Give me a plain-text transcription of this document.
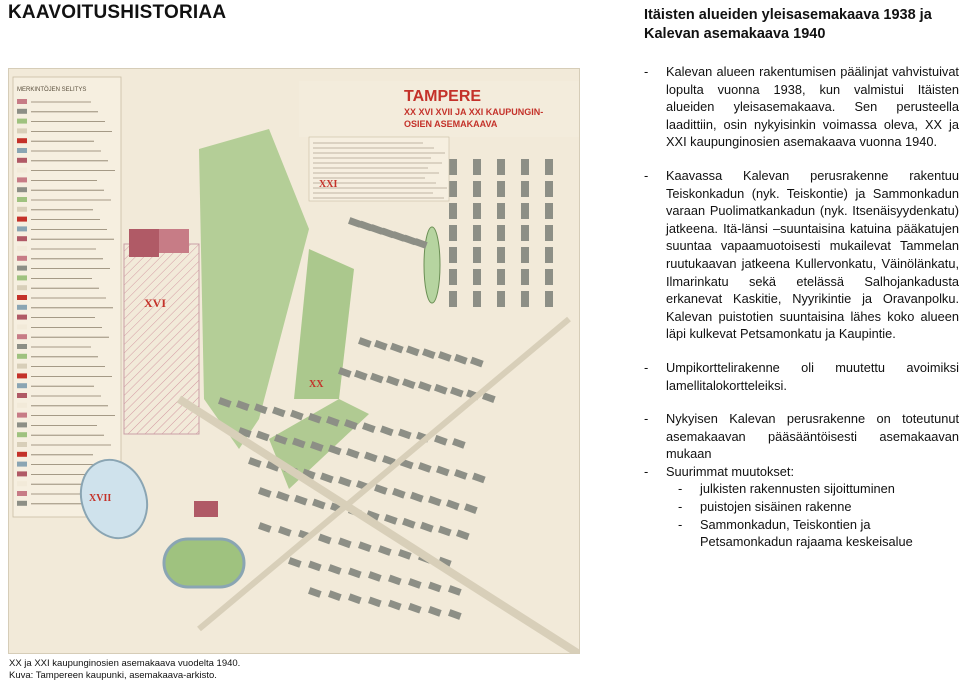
KAAVOITUSHISTORIAA
MERKINTÖJEN SELITYS
XVI
XVII
TAMPERE
XX XVI XVII JA XXI KAUPUNGIN-
OSIEN ASEMAKAAVA
XXI
XX
XX ja XXI kaupunginosien asemakaava vuodelta 1940.
Kuva: Tampereen kaupunki, asemakaava-arkisto.
Itäisten alueiden yleisasemakaava 1938 ja
Kalevan asemakaava 1940
- Kalevan alueen rakentumisen päälinjat vahvistuivat lopulta vuonna 1938, kun valmistui Itäisten alueiden yleisasemakaava. Sen perusteella laadittiin, osin nykyisinkin voimassa oleva, XX ja XXI kaupunginosien asemakaava vuonna 1940.
- Kaavassa Kalevan perusrakenne rakentuu Teiskonkadun (nyk. Teiskontie) ja Sammonkadun varaan Puolimatkankadun (nyk. Itsenäisyydenkatu) jatkeena. Itä-länsi –suuntaisina katuina pääkatujen suuntaa vapaamuotoisesti mukailevat Tammelan ruutukaavan jatkeena Kullervonkatu, Väinölänkatu, Ilmarinkatu sekä etelässä Salhojankadusta erkanevat Kaskitie, Nyyrikintie ja Oravanpolku. Kalevan puistotien suuntaisina lähes koko alueen läpi kulkevat Petsamonkatu ja Kaupintie.
- Umpikorttelirakenne oli muutettu avoimiksi lamellitalokortteleiksi.
- Nykyisen Kalevan perusrakenne on toteutunut asemakaavan pääsääntöisesti asemakaavan mukaan
- Suurimmat muutokset:
- julkisten rakennusten sijoittuminen
- puistojen sisäinen rakenne
- Sammonkadun, Teiskontien ja Petsamonkadun rajaama keskeisalue
